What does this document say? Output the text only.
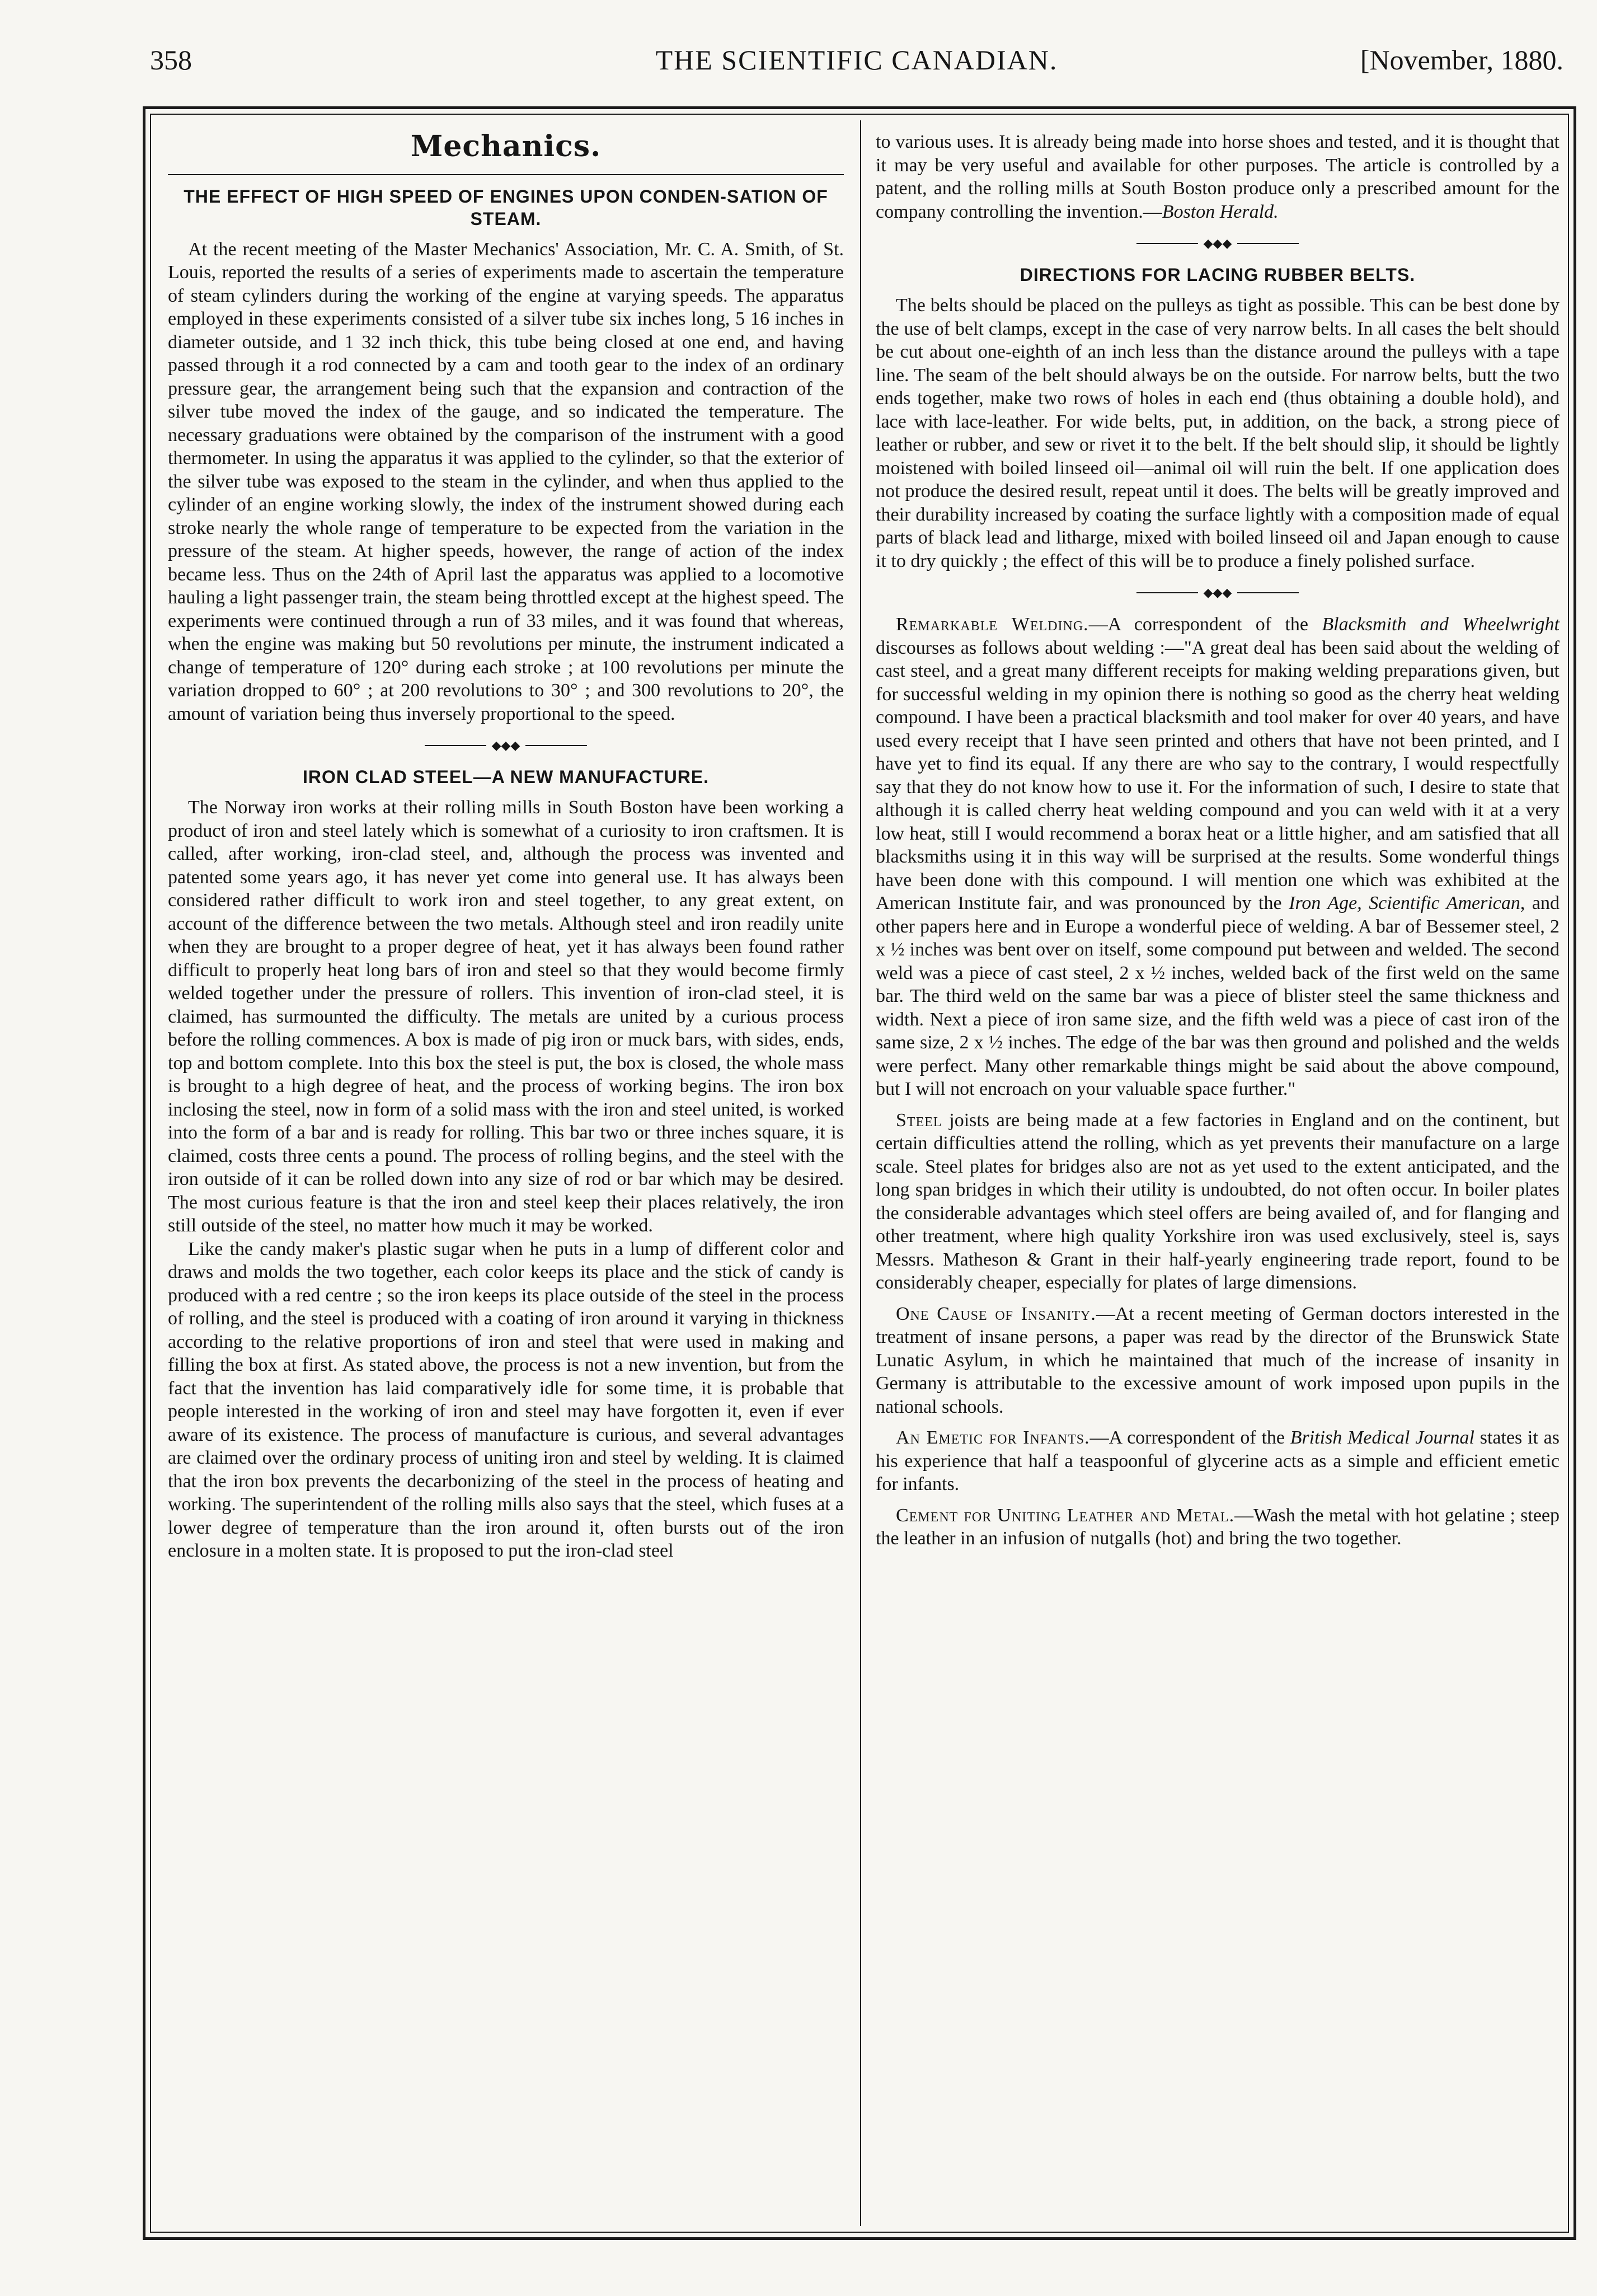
THE SCIENTIFIC CANADIAN.
358	[November, 1880.
Mechanics.
THE EFFECT OF HIGH SPEED OF ENGINES UPON CONDEN-SATION OF STEAM.

At the recent meeting of the Master Mechanics' Association, Mr. C. A. Smith, of St. Louis, reported the results of a series of experiments made to ascertain the temperature of steam cylinders during the working of the engine at varying speeds. The apparatus employed in these experiments consisted of a silver tube six inches long, 5 16 inches in diameter outside, and 1 32 inch thick, this tube being closed at one end, and having passed through it a rod connected by a cam and tooth gear to the index of an ordinary pressure gear, the arrangement being such that the expansion and contraction of the silver tube moved the index of the gauge, and so indicated the temperature. The necessary graduations were obtained by the comparison of the instrument with a good thermometer. In using the apparatus it was applied to the cylinder, so that the exterior of the silver tube was exposed to the steam in the cylinder, and when thus applied to the cylinder of an engine working slowly, the index of the instrument showed during each stroke nearly the whole range of temperature to be expected from the variation in the pressure of the steam. At higher speeds, however, the range of action of the index became less. Thus on the 24th of April last the apparatus was applied to a locomotive hauling a light passenger train, the steam being throttled except at the highest speed. The experiments were continued through a run of 33 miles, and it was found that whereas, when the engine was making but 50 revolutions per minute, the instrument indicated a change of temperature of 120° during each stroke ; at 100 revolutions per minute the variation dropped to 60° ; at 200 revolutions to 30° ; and 300 revolutions to 20°, the amount of variation being thus inversely proportional to the speed.

◆◆◆
IRON CLAD STEEL—A NEW MANUFACTURE.

The Norway iron works at their rolling mills in South Boston have been working a product of iron and steel lately which is somewhat of a curiosity to iron craftsmen. It is called, after working, iron-clad steel, and, although the process was invented and patented some years ago, it has never yet come into general use. It has always been considered rather difficult to work iron and steel together, to any great extent, on account of the difference between the two metals. Although steel and iron readily unite when they are brought to a proper degree of heat, yet it has always been found rather difficult to properly heat long bars of iron and steel so that they would become firmly welded together under the pressure of rollers. This invention of iron-clad steel, it is claimed, has surmounted the difficulty. The metals are united by a curious process before the rolling commences. A box is made of pig iron or muck bars, with sides, ends, top and bottom complete. Into this box the steel is put, the box is closed, the whole mass is brought to a high degree of heat, and the process of working begins. The iron box inclosing the steel, now in form of a solid mass with the iron and steel united, is worked into the form of a bar and is ready for rolling. This bar two or three inches square, it is claimed, costs three cents a pound. The process of rolling begins, and the steel with the iron outside of it can be rolled down into any size of rod or bar which may be desired. The most curious feature is that the iron and steel keep their places relatively, the iron still outside of the steel, no matter how much it may be worked.

Like the candy maker's plastic sugar when he puts in a lump of different color and draws and molds the two together, each color keeps its place and the stick of candy is produced with a red centre ; so the iron keeps its place outside of the steel in the process of rolling, and the steel is produced with a coating of iron around it varying in thickness according to the relative proportions of iron and steel that were used in making and filling the box at first. As stated above, the process is not a new invention, but from the fact that the invention has laid comparatively idle for some time, it is probable that people interested in the working of iron and steel may have forgotten it, even if ever aware of its existence. The process of manufacture is curious, and several advantages are claimed over the ordinary process of uniting iron and steel by welding. It is claimed that the iron box prevents the decarbonizing of the steel in the process of heating and working. The superintendent of the rolling mills also says that the steel, which fuses at a lower degree of temperature than the iron around it, often bursts out of the iron enclosure in a molten state. It is proposed to put the iron-clad steel

to various uses. It is already being made into horse shoes and tested, and it is thought that it may be very useful and available for other purposes. The article is controlled by a patent, and the rolling mills at South Boston produce only a prescribed amount for the company controlling the invention.—Boston Herald.

◆◆◆
DIRECTIONS FOR LACING RUBBER BELTS.

The belts should be placed on the pulleys as tight as possible. This can be best done by the use of belt clamps, except in the case of very narrow belts. In all cases the belt should be cut about one-eighth of an inch less than the distance around the pulleys with a tape line. The seam of the belt should always be on the outside. For narrow belts, butt the two ends together, make two rows of holes in each end (thus obtaining a double hold), and lace with lace-leather. For wide belts, put, in addition, on the back, a strong piece of leather or rubber, and sew or rivet it to the belt. If the belt should slip, it should be lightly moistened with boiled linseed oil—animal oil will ruin the belt. If one application does not produce the desired result, repeat until it does. The belts will be greatly improved and their durability increased by coating the surface lightly with a composition made of equal parts of black lead and litharge, mixed with boiled linseed oil and Japan enough to cause it to dry quickly ; the effect of this will be to produce a finely polished surface.

◆◆◆

Remarkable Welding.—A correspondent of the Blacksmith and Wheelwright discourses as follows about welding :—"A great deal has been said about the welding of cast steel, and a great many different receipts for making welding preparations given, but for successful welding in my opinion there is nothing so good as the cherry heat welding compound. I have been a practical blacksmith and tool maker for over 40 years, and have used every receipt that I have seen printed and others that have not been printed, and I have yet to find its equal. If any there are who say to the contrary, I would respectfully say that they do not know how to use it. For the information of such, I desire to state that although it is called cherry heat welding compound and you can weld with it at a very low heat, still I would recommend a borax heat or a little higher, and am satisfied that all blacksmiths using it in this way will be surprised at the results. Some wonderful things have been done with this compound. I will mention one which was exhibited at the American Institute fair, and was pronounced by the Iron Age, Scientific American, and other papers here and in Europe a wonderful piece of welding. A bar of Bessemer steel, 2 x ½ inches was bent over on itself, some compound put between and welded. The second weld was a piece of cast steel, 2 x ½ inches, welded back of the first weld on the same bar. The third weld on the same bar was a piece of blister steel the same thickness and width. Next a piece of iron same size, and the fifth weld was a piece of cast iron of the same size, 2 x ½ inches. The edge of the bar was then ground and polished and the welds were perfect. Many other remarkable things might be said about the above compound, but I will not encroach on your valuable space further."

Steel joists are being made at a few factories in England and on the continent, but certain difficulties attend the rolling, which as yet prevents their manufacture on a large scale. Steel plates for bridges also are not as yet used to the extent anticipated, and the long span bridges in which their utility is undoubted, do not often occur. In boiler plates the considerable advantages which steel offers are being availed of, and for flanging and other treatment, where high quality Yorkshire iron was used exclusively, steel is, says Messrs. Matheson & Grant in their half-yearly engineering trade report, found to be considerably cheaper, especially for plates of large dimensions.

One Cause of Insanity.—At a recent meeting of German doctors interested in the treatment of insane persons, a paper was read by the director of the Brunswick State Lunatic Asylum, in which he maintained that much of the increase of insanity in Germany is attributable to the excessive amount of work imposed upon pupils in the national schools.

An Emetic for Infants.—A correspondent of the British Medical Journal states it as his experience that half a teaspoonful of glycerine acts as a simple and efficient emetic for infants.

Cement for Uniting Leather and Metal.—Wash the metal with hot gelatine ; steep the leather in an infusion of nutgalls (hot) and bring the two together.
